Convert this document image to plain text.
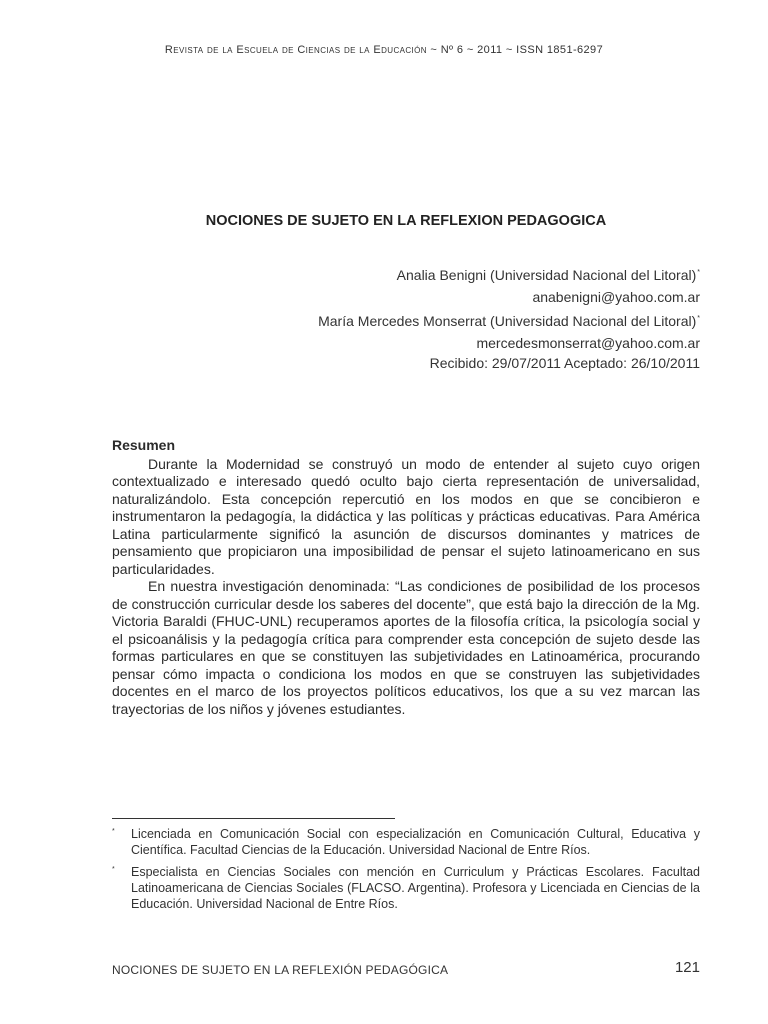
Revista de la Escuela de Ciencias de la Educación ~ Nº 6 ~ 2011 ~ ISSN 1851-6297
NOCIONES DE SUJETO EN LA REFLEXION PEDAGOGICA
Analia Benigni (Universidad Nacional del Litoral)*
anabenigni@yahoo.com.ar
María Mercedes Monserrat (Universidad Nacional del Litoral)*
mercedesmonserrat@yahoo.com.ar
Recibido: 29/07/2011 Aceptado: 26/10/2011
Resumen

Durante la Modernidad se construyó un modo de entender al sujeto cuyo origen contextualizado e interesado quedó oculto bajo cierta representación de universalidad, naturalizándolo. Esta concepción repercutió en los modos en que se concibieron e instrumentaron la pedagogía, la didáctica y las políticas y prácticas educativas. Para América Latina particularmente significó la asunción de discursos dominantes y matrices de pensamiento que propiciaron una imposibilidad de pensar el sujeto latinoamericano en sus particularidades.

En nuestra investigación denominada: “Las condiciones de posibilidad de los procesos de construcción curricular desde los saberes del docente”, que está bajo la dirección de la Mg. Victoria Baraldi (FHUC-UNL) recuperamos aportes de la filosofía crítica, la psicología social y el psicoanálisis y la pedagogía crítica para comprender esta concepción de sujeto desde las formas particulares en que se constituyen las subjetividades en Latinoamérica, procurando pensar cómo impacta o condiciona los modos en que se construyen las subjetividades docentes en el marco de los proyectos políticos educativos, los que a su vez marcan las trayectorias de los niños y jóvenes estudiantes.

* Licenciada en Comunicación Social con especialización en Comunicación Cultural, Educativa y Científica. Facultad Ciencias de la Educación. Universidad Nacional de Entre Ríos.
* Especialista en Ciencias Sociales con mención en Curriculum y Prácticas Escolares. Facultad Latinoamericana de Ciencias Sociales (FLACSO. Argentina). Profesora y Licenciada en Ciencias de la Educación. Universidad Nacional de Entre Ríos.
NOCIONES DE SUJETO EN LA REFLEXIÓN PEDAGÓGICA	121
